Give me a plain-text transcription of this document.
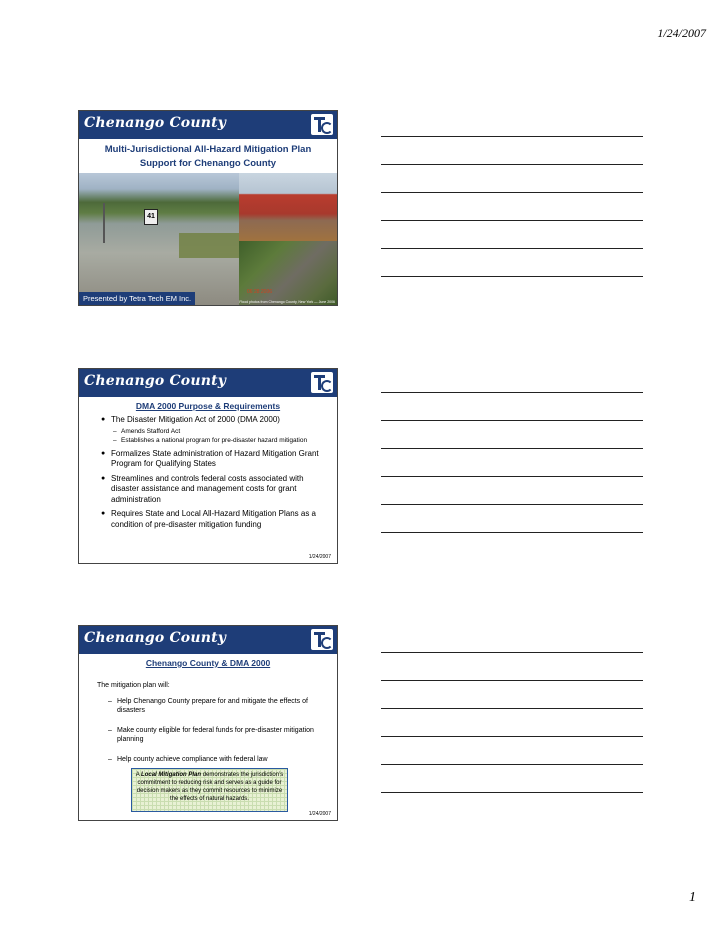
1/24/2007
Chenango County
Multi-Jurisdictional All-Hazard Mitigation Plan
Support for Chenango County
41
06 28 2006
Flood photos from Chenango County, New York — June 2006
Presented by Tetra Tech EM Inc.
Chenango County
DMA 2000 Purpose & Requirements
● The Disaster Mitigation Act of 2000 (DMA 2000)
– Amends Stafford Act
– Establishes a national program for pre-disaster hazard mitigation
● Formalizes State administration of Hazard Mitigation Grant Program for Qualifying States
● Streamlines and controls federal costs associated with disaster assistance and management costs for grant administration
● Requires State and Local All-Hazard Mitigation Plans as a condition of pre-disaster mitigation funding
1/24/2007
Chenango County
Chenango County & DMA 2000
The mitigation plan will:
– Help Chenango County prepare for and mitigate the effects of disasters
– Make county eligible for federal funds for pre-disaster mitigation planning
– Help county achieve compliance with federal law
A Local Mitigation Plan demonstrates the jurisdiction’s commitment to reducing risk and serves as a guide for decision makers as they commit resources to minimize the effects of natural hazards.
1/24/2007
1
